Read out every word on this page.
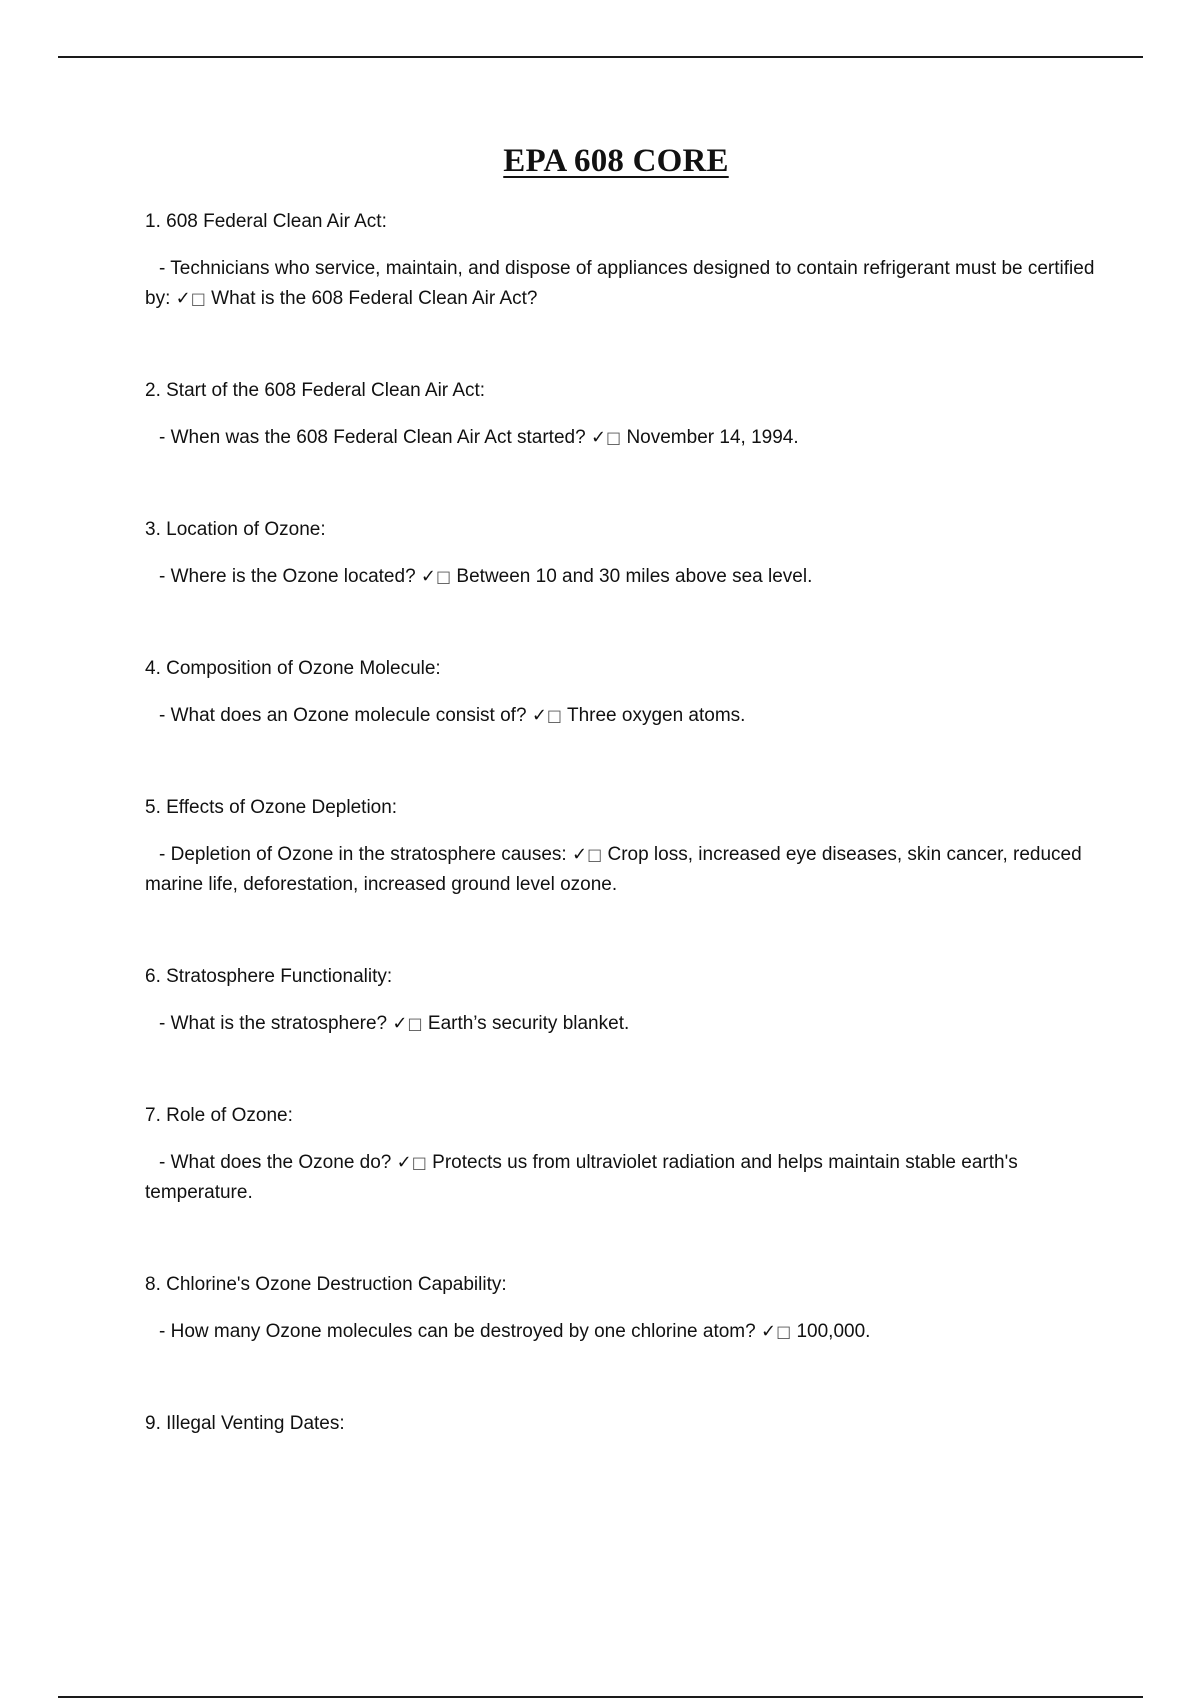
EPA 608 CORE

1. 608 Federal Clean Air Act:

- Technicians who service, maintain, and dispose of appliances designed to contain refrigerant must be certified by: ✓□ What is the 608 Federal Clean Air Act?

2. Start of the 608 Federal Clean Air Act:

- When was the 608 Federal Clean Air Act started? ✓□ November 14, 1994.

3. Location of Ozone:

- Where is the Ozone located? ✓□ Between 10 and 30 miles above sea level.

4. Composition of Ozone Molecule:

- What does an Ozone molecule consist of? ✓□ Three oxygen atoms.

5. Effects of Ozone Depletion:

- Depletion of Ozone in the stratosphere causes: ✓□ Crop loss, increased eye diseases, skin cancer, reduced marine life, deforestation, increased ground level ozone.

6. Stratosphere Functionality:

- What is the stratosphere? ✓□ Earth’s security blanket.

7. Role of Ozone:

- What does the Ozone do? ✓□ Protects us from ultraviolet radiation and helps maintain stable earth's temperature.

8. Chlorine's Ozone Destruction Capability:

- How many Ozone molecules can be destroyed by one chlorine atom? ✓□ 100,000.

9. Illegal Venting Dates:
